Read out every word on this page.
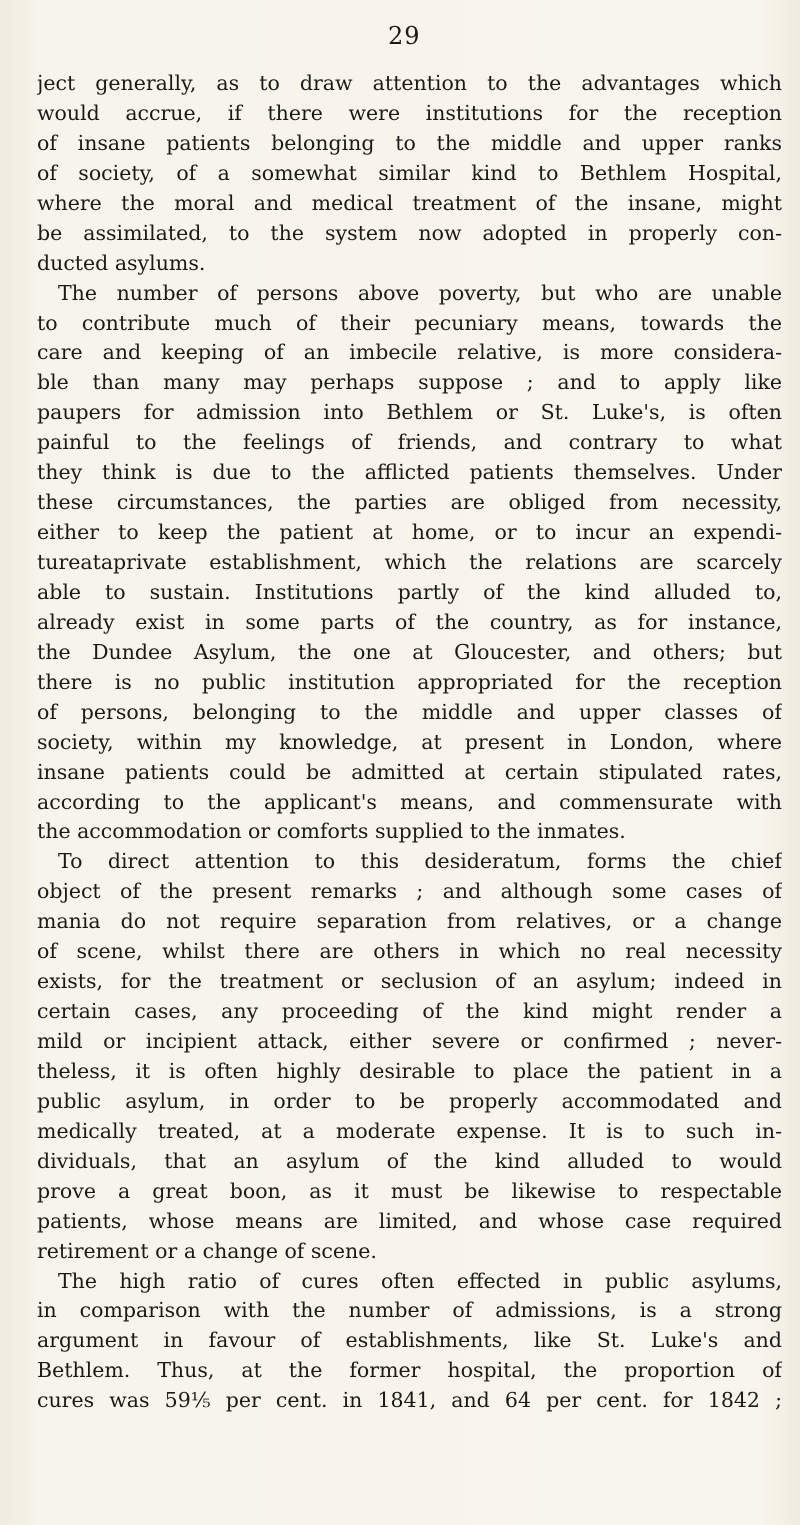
29
ject generally, as to draw attention to the advantages which
would accrue, if there were institutions for the reception
of insane patients belonging to the middle and upper ranks
of society, of a somewhat similar kind to Bethlem Hospital,
where the moral and medical treatment of the insane, might
be assimilated, to the system now adopted in properly con-
ducted asylums.
The number of persons above poverty, but who are unable
to contribute much of their pecuniary means, towards the
care and keeping of an imbecile relative, is more considera-
ble than many may perhaps suppose ; and to apply like
paupers for admission into Bethlem or St. Luke's, is often
painful to the feelings of friends, and contrary to what
they think is due to the afflicted patients themselves. Under
these circumstances, the parties are obliged from necessity,
either to keep the patient at home, or to incur an expendi-
tureataprivate establishment, which the relations are scarcely
able to sustain. Institutions partly of the kind alluded to,
already exist in some parts of the country, as for instance,
the Dundee Asylum, the one at Gloucester, and others; but
there is no public institution appropriated for the reception
of persons, belonging to the middle and upper classes of
society, within my knowledge, at present in London, where
insane patients could be admitted at certain stipulated rates,
according to the applicant's means, and commensurate with
the accommodation or comforts supplied to the inmates.
To direct attention to this desideratum, forms the chief
object of the present remarks ; and although some cases of
mania do not require separation from relatives, or a change
of scene, whilst there are others in which no real necessity
exists, for the treatment or seclusion of an asylum; indeed in
certain cases, any proceeding of the kind might render a
mild or incipient attack, either severe or confirmed ; never-
theless, it is often highly desirable to place the patient in a
public asylum, in order to be properly accommodated and
medically treated, at a moderate expense. It is to such in-
dividuals, that an asylum of the kind alluded to would
prove a great boon, as it must be likewise to respectable
patients, whose means are limited, and whose case required
retirement or a change of scene.
The high ratio of cures often effected in public asylums,
in comparison with the number of admissions, is a strong
argument in favour of establishments, like St. Luke's and
Bethlem. Thus, at the former hospital, the proportion of
cures was 59⅕ per cent. in 1841, and 64 per cent. for 1842 ;
